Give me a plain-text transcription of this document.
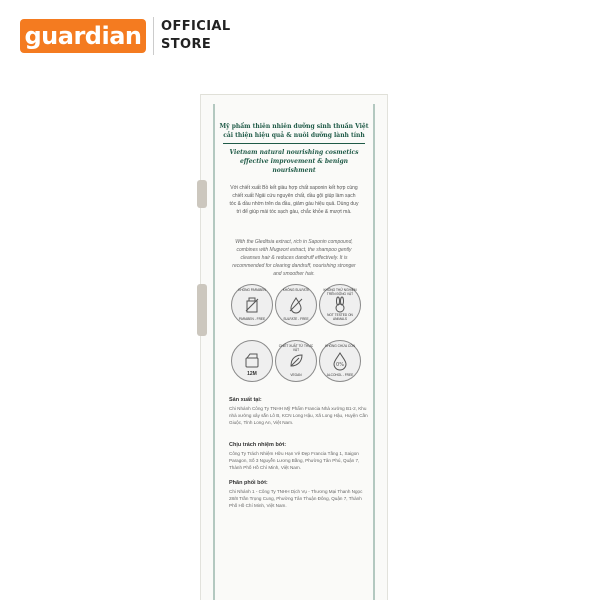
guardian	OFFICIAL
STORE
Mỹ phẩm thiên nhiên dưỡng sinh thuần Việt
cải thiện hiệu quả & nuôi dưỡng lành tính
Vietnam natural nourishing cosmetics
effective improvement & benign nourishment
Với chiết xuất Bồ kết giàu hợp chất saponin kết hợp cùng chiết xuất Ngải cứu nguyên chất, dầu gội giúp làm sạch tóc & dầu nhờn trên da đầu, giảm gàu hiệu quả. Dùng duy trì để giúp mái tóc sạch gàu, chắc khỏe & mượt mà.
With the Gleditsia extract, rich in Saponin compound, combines with Mugwort extract, the shampoo gently cleanses hair & reduces dandruff effectively. It is recommended for clearing dandruff, nourishing stronger and smoother hair.
KHÔNG PARABEN
PARABEN - FREE
KHÔNG SULFATE
SULFATE - FREE
KHÔNG THỬ NGHIỆM TRÊN ĐỘNG VẬT
NOT TESTED ON ANIMALS
12M
CHIẾT XUẤT TỪ THỰC VẬT
VEGAN
KHÔNG CHỨA CỒN
0%
ALCOHOL - FREE
Sản xuất tại:
Chi Nhánh Công Ty TNHH Mỹ Phẩm Francia Nhà xưởng B1-2, Khu nhà xưởng xây sẵn Lô B, KCN Long Hậu, Xã Long Hậu, Huyện Cần Giuộc, Tỉnh Long An, Việt Nam.
Chịu trách nhiệm bởi:
Công Ty Trách Nhiệm Hữu Hạn Vẻ Đẹp Francia Tầng 1, Saigon Paragon, Số 3 Nguyễn Lương Bằng, Phường Tân Phú, Quận 7, Thành Phố Hồ Chí Minh, Việt Nam.
Phân phối bởi:
Chi Nhánh 1 - Công Ty TNHH Dịch Vụ - Thương Mại Thanh Ngọc 28/8 Trần Trọng Cung, Phường Tân Thuận Đông, Quận 7, Thành Phố Hồ Chí Minh, Việt Nam.
